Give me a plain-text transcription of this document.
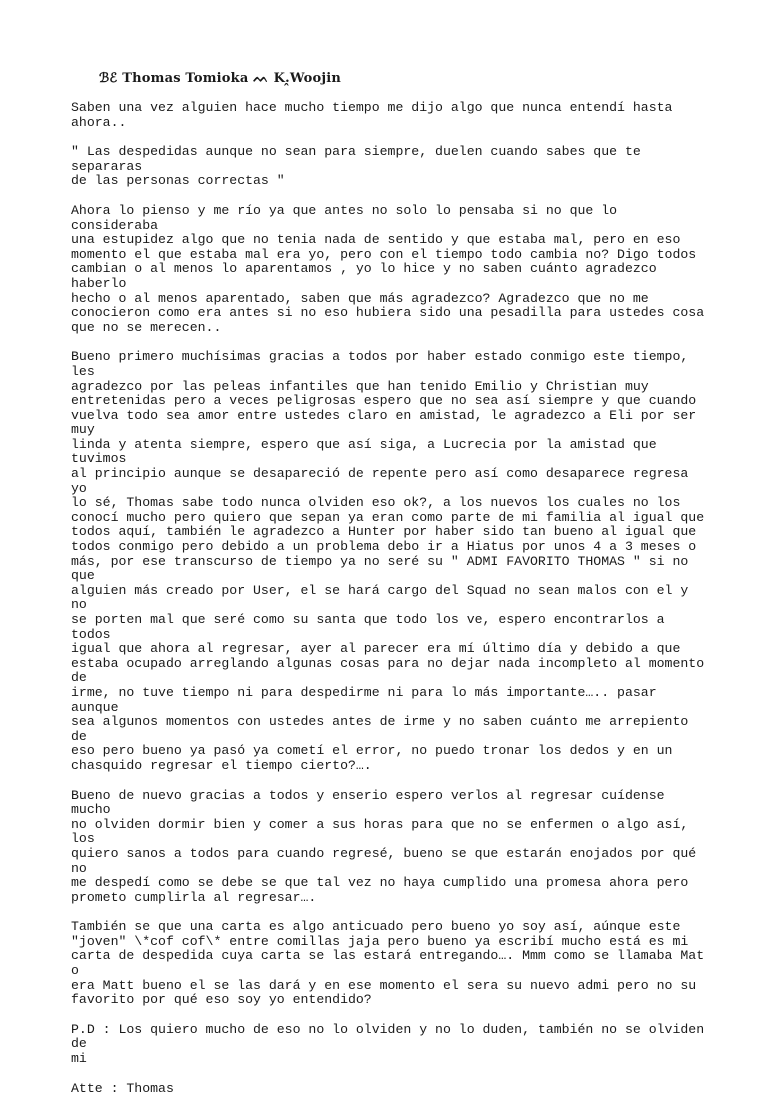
ℬℰ Thomas Tomioka ᨓ K.̭Woojin

Saben una vez alguien hace mucho tiempo me dijo algo que nunca entendí hasta
ahora..

" Las despedidas aunque no sean para siempre, duelen cuando sabes que te separaras
de las personas correctas "

Ahora lo pienso y me río ya que antes no solo lo pensaba si no que lo consideraba
una estupidez algo que no tenia nada de sentido y que estaba mal, pero en eso
momento el que estaba mal era yo, pero con el tiempo todo cambia no? Digo todos
cambian o al menos lo aparentamos , yo lo hice y no saben cuánto agradezco haberlo
hecho o al menos aparentado, saben que más agradezco? Agradezco que no me
conocieron como era antes si no eso hubiera sido una pesadilla para ustedes cosa
que no se merecen..

Bueno primero muchísimas gracias a todos por haber estado conmigo este tiempo, les
agradezco por las peleas infantiles que han tenido Emilio y Christian muy
entretenidas pero a veces peligrosas espero que no sea así siempre y que cuando
vuelva todo sea amor entre ustedes claro en amistad, le agradezco a Eli por ser muy
linda y atenta siempre, espero que así siga, a Lucrecia por la amistad que tuvimos
al principio aunque se desapareció de repente pero así como desaparece regresa yo
lo sé, Thomas sabe todo nunca olviden eso ok?, a los nuevos los cuales no los
conocí mucho pero quiero que sepan ya eran como parte de mi familia al igual que
todos aquí, también le agradezco a Hunter por haber sido tan bueno al igual que
todos conmigo pero debido a un problema debo ir a Hiatus por unos 4 a 3 meses o
más, por ese transcurso de tiempo ya no seré su " ADMI FAVORITO THOMAS " si no que
alguien más creado por User, el se hará cargo del Squad no sean malos con el y no
se porten mal que seré como su santa que todo los ve, espero encontrarlos a todos
igual que ahora al regresar, ayer al parecer era mí último día y debido a que
estaba ocupado arreglando algunas cosas para no dejar nada incompleto al momento de
irme, no tuve tiempo ni para despedirme ni para lo más importante….. pasar aunque
sea algunos momentos con ustedes antes de irme y no saben cuánto me arrepiento de
eso pero bueno ya pasó ya cometí el error, no puedo tronar los dedos y en un
chasquido regresar el tiempo cierto?….

Bueno de nuevo gracias a todos y enserio espero verlos al regresar cuídense mucho
no olviden dormir bien y comer a sus horas para que no se enfermen o algo así, los
quiero sanos a todos para cuando regresé, bueno se que estarán enojados por qué no
me despedí como se debe se que tal vez no haya cumplido una promesa ahora pero
prometo cumplirla al regresar….

También se que una carta es algo anticuado pero bueno yo soy así, aúnque este
"joven" \*cof cof\* entre comillas jaja pero bueno ya escribí mucho está es mi
carta de despedida cuya carta se las estará entregando…. Mmm como se llamaba Mat o
era Matt bueno el se las dará y en ese momento el sera su nuevo admi pero no su
favorito por qué eso soy yo entendido?

P.D : Los quiero mucho de eso no lo olviden y no lo duden, también no se olviden de
mi

Atte : Thomas
